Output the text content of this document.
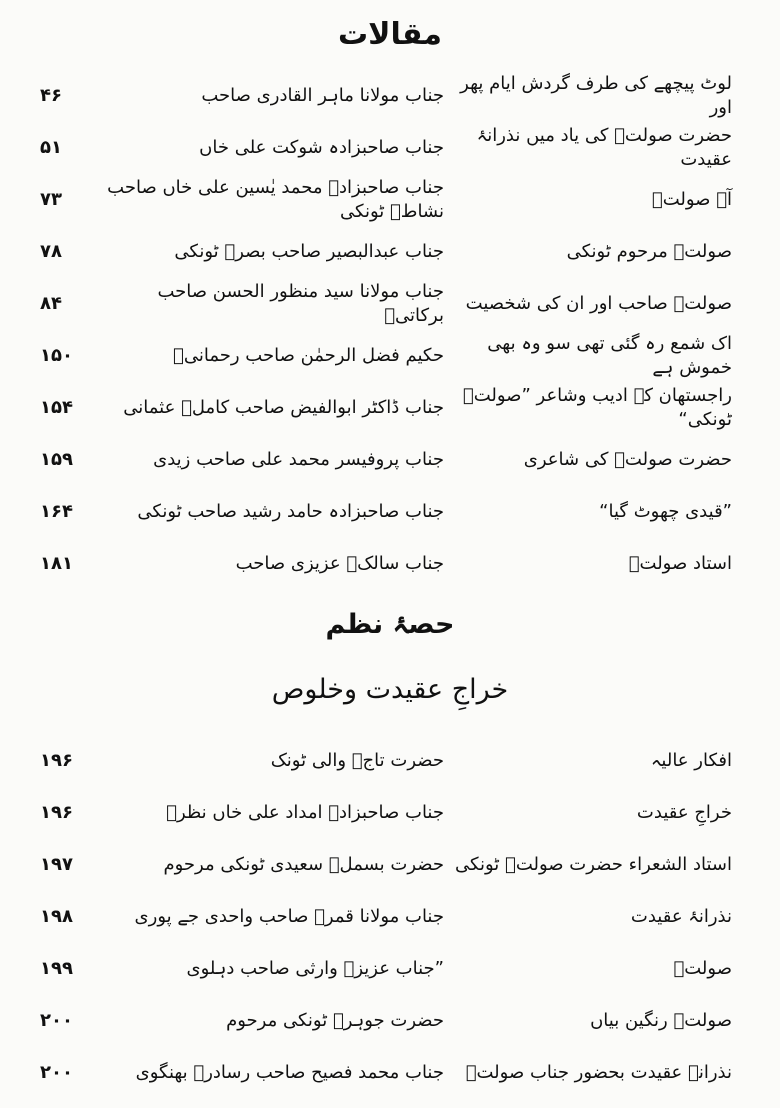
مقالات
لوٹ پیچھے کی طرف گردش ایام پھر اور
جناب مولانا ماہر القادری صاحب
۴۶
حضرت صولتؔ کی یاد میں نذرانۂ عقیدت
جناب صاحبزادہ شوکت علی خاں
۵۱
آہ صولتؔ
جناب صاحبزادہ محمد یٰسین علی خاں صاحب نشاطؔ ٹونکی
۷۳
صولتؔ مرحوم ٹونکی
جناب عبدالبصیر صاحب بصرؔ ٹونکی
۷۸
صولتؔ صاحب اور ان کی شخصیت
جناب مولانا سید منظور الحسن صاحب برکاتیؔ
۸۴
اک شمع رہ گئی تھی سو وہ بھی خموش ہے
حکیم فضل الرحمٰن صاحب رحمانیؔ
۱۵۰
راجستھان کے ادیب وشاعر ”صولتؔ ٹونکی“
جناب ڈاکٹر ابوالفیض صاحب کاملؔ عثمانی
۱۵۴
حضرت صولتؔ کی شاعری
جناب پروفیسر محمد علی صاحب زیدی
۱۵۹
”قیدی چھوٹ گیا“
جناب صاحبزادہ حامد رشید صاحب ٹونکی
۱۶۴
استاد صولتؔ
جناب سالکؔ عزیزی صاحب
۱۸۱
حصۂ نظم
خراجِ عقیدت وخلوص
افکار عالیہ
حضرت تاجؔ والی ٹونک
۱۹۶
خراجِ عقیدت
جناب صاحبزادہ امداد علی خاں نظرؔ
۱۹۶
استاد الشعراء حضرت صولتؔ ٹونکی
حضرت بسملؔ سعیدی ٹونکی مرحوم
۱۹۷
نذرانۂ عقیدت
جناب مولانا قمرؔ صاحب واحدی جے پوری
۱۹۸
صولتؔ
”جناب عزیزؔ وارثی صاحب دہلوی
۱۹۹
صولتؔ رنگین بیاں
حضرت جوہرؔ ٹونکی مرحوم
۲۰۰
نذرانۂ عقیدت بحضور جناب صولتؔ
جناب محمد فصیح صاحب رسادرؔ بھنگوی
۲۰۰
